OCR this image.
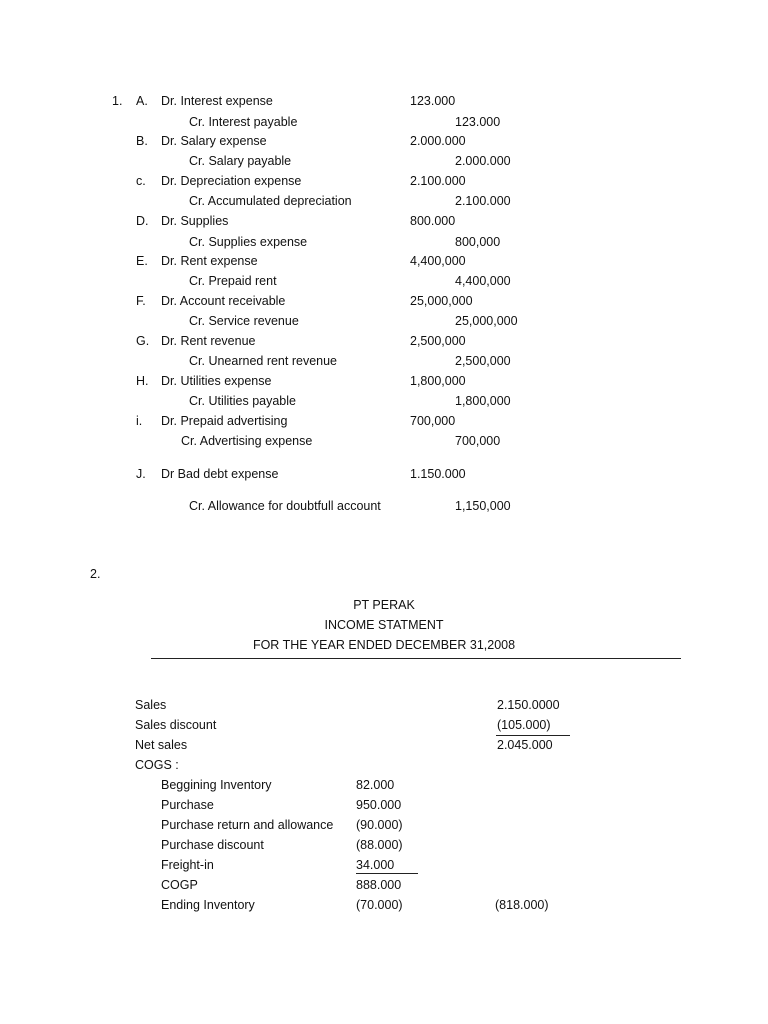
1. A. Dr. Interest expense	123.000
Cr. Interest payable	123.000
B. Dr. Salary expense	2.000.000
Cr. Salary payable	2.000.000
c. Dr. Depreciation expense	2.100.000
Cr. Accumulated depreciation	2.100.000
D. Dr. Supplies	800.000
Cr. Supplies expense	800,000
E. Dr. Rent expense	4,400,000
Cr. Prepaid rent	4,400,000
F. Dr. Account receivable	25,000,000
Cr. Service revenue	25,000,000
G. Dr. Rent revenue	2,500,000
Cr. Unearned rent revenue	2,500,000
H. Dr. Utilities expense	1,800,000
Cr. Utilities payable	1,800,000
i. Dr. Prepaid advertising	700,000
Cr. Advertising expense	700,000
J. Dr Bad debt expense	1.150.000
Cr. Allowance for doubtfull account	1,150,000
2.
PT PERAK
INCOME STATMENT
FOR THE YEAR ENDED DECEMBER 31,2008
Sales	2.150.0000
Sales discount	(105.000)
Net sales	2.045.000
COGS :
Beggining Inventory	82.000
Purchase	950.000
Purchase return and allowance (90.000)
Purchase discount	(88.000)
Freight-in	34.000
COGP	888.000
Ending Inventory	(70.000)	(818.000)
